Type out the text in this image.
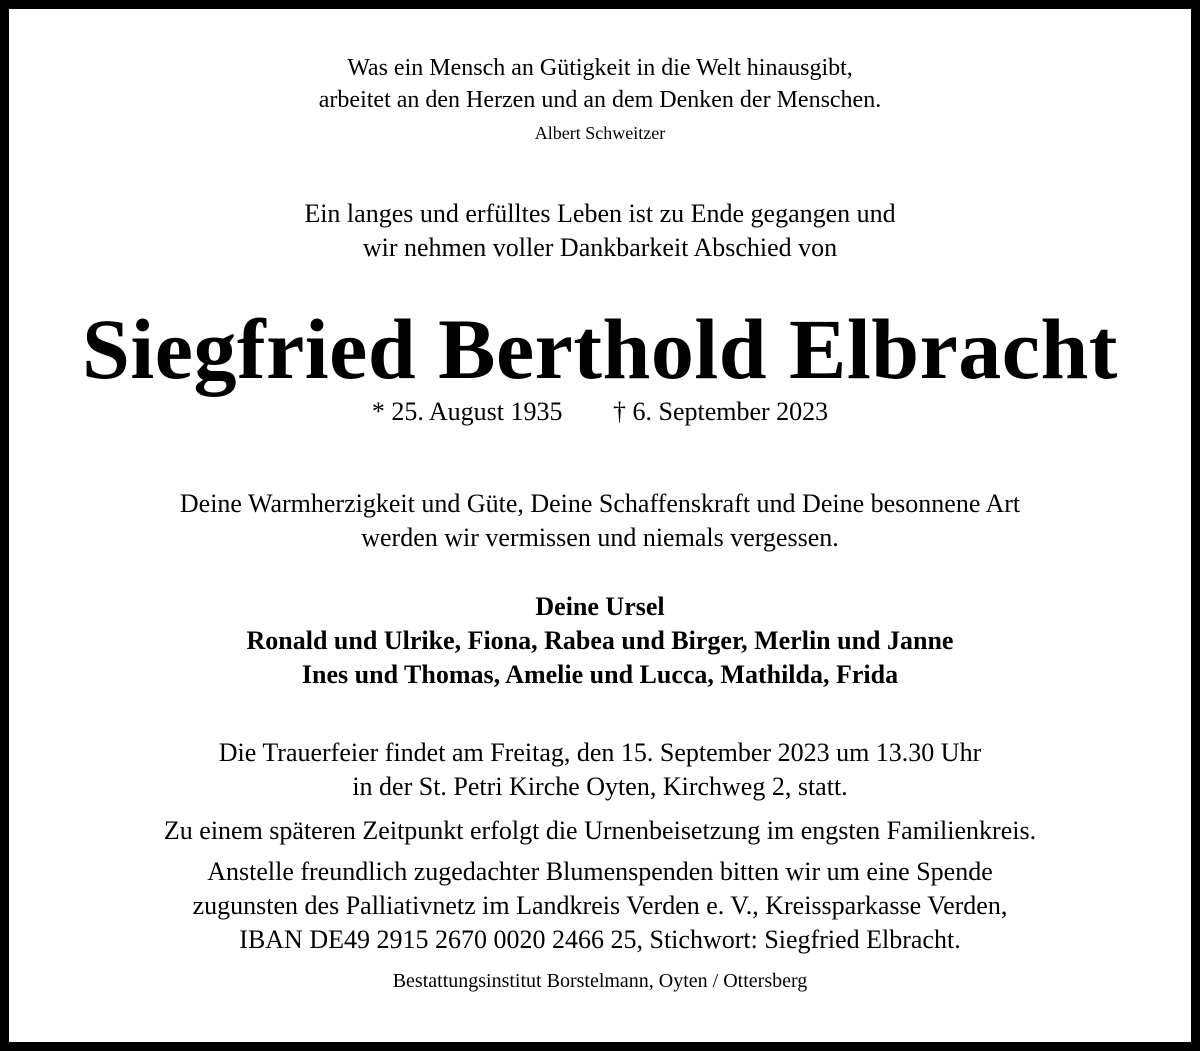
Was ein Mensch an Gütigkeit in die Welt hinausgibt,
arbeitet an den Herzen und an dem Denken der Menschen.
Albert Schweitzer
Ein langes und erfülltes Leben ist zu Ende gegangen und
wir nehmen voller Dankbarkeit Abschied von
Siegfried Berthold Elbracht
* 25. August 1935 † 6. September 2023
Deine Warmherzigkeit und Güte, Deine Schaffenskraft und Deine besonnene Art
werden wir vermissen und niemals vergessen.
Deine Ursel
Ronald und Ulrike, Fiona, Rabea und Birger, Merlin und Janne
Ines und Thomas, Amelie und Lucca, Mathilda, Frida
Die Trauerfeier findet am Freitag, den 15. September 2023 um 13.30 Uhr
in der St. Petri Kirche Oyten, Kirchweg 2, statt.
Zu einem späteren Zeitpunkt erfolgt die Urnenbeisetzung im engsten Familienkreis.
Anstelle freundlich zugedachter Blumenspenden bitten wir um eine Spende
zugunsten des Palliativnetz im Landkreis Verden e. V., Kreissparkasse Verden,
IBAN DE49 2915 2670 0020 2466 25, Stichwort: Siegfried Elbracht.
Bestattungsinstitut Borstelmann, Oyten / Ottersberg
